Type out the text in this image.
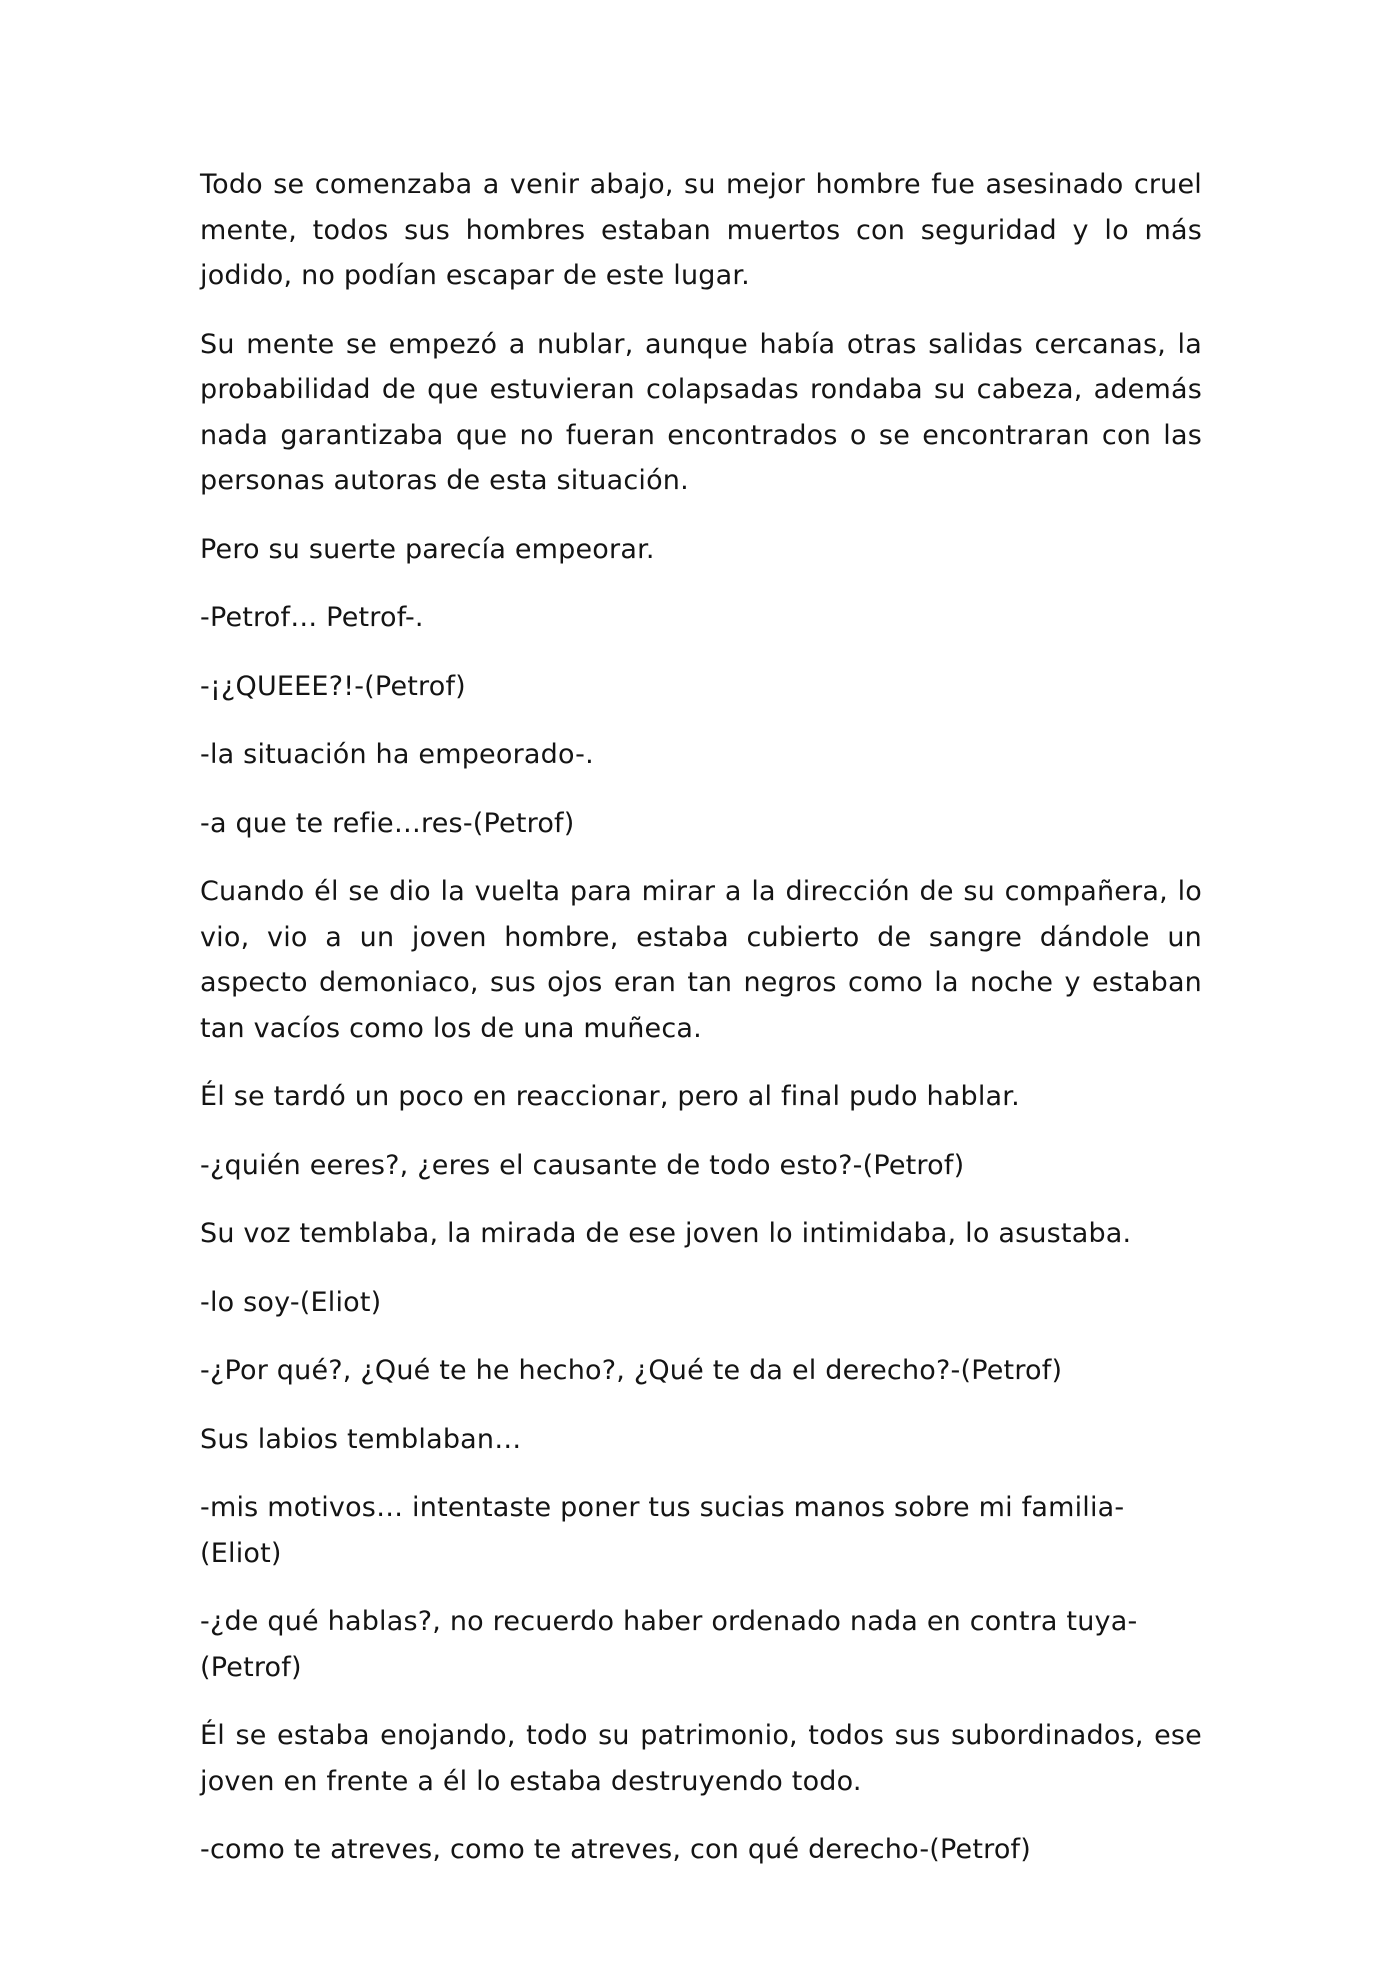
Todo se comenzaba a venir abajo, su mejor hombre fue asesinado cruel mente, todos sus hombres estaban muertos con seguridad y lo más jodido, no podían escapar de este lugar.

Su mente se empezó a nublar, aunque había otras salidas cercanas, la probabilidad de que estuvieran colapsadas rondaba su cabeza, además nada garantizaba que no fueran encontrados o se encontraran con las personas autoras de esta situación.

Pero su suerte parecía empeorar.

-Petrof… Petrof-.

-¡¿QUEEE?!-(Petrof)

-la situación ha empeorado-.

-a que te refie…res-(Petrof)

Cuando él se dio la vuelta para mirar a la dirección de su compañera, lo vio, vio a un joven hombre, estaba cubierto de sangre dándole un aspecto demoniaco, sus ojos eran tan negros como la noche y estaban tan vacíos como los de una muñeca.

Él se tardó un poco en reaccionar, pero al final pudo hablar.

-¿quién eeres?, ¿eres el causante de todo esto?-(Petrof)

Su voz temblaba, la mirada de ese joven lo intimidaba, lo asustaba.

-lo soy-(Eliot)

-¿Por qué?, ¿Qué te he hecho?, ¿Qué te da el derecho?-(Petrof)

Sus labios temblaban…

-mis motivos… intentaste poner tus sucias manos sobre mi familia-(Eliot)

-¿de qué hablas?, no recuerdo haber ordenado nada en contra tuya-(Petrof)

Él se estaba enojando, todo su patrimonio, todos sus subordinados, ese joven en frente a él lo estaba destruyendo todo.

-como te atreves, como te atreves, con qué derecho-(Petrof)
